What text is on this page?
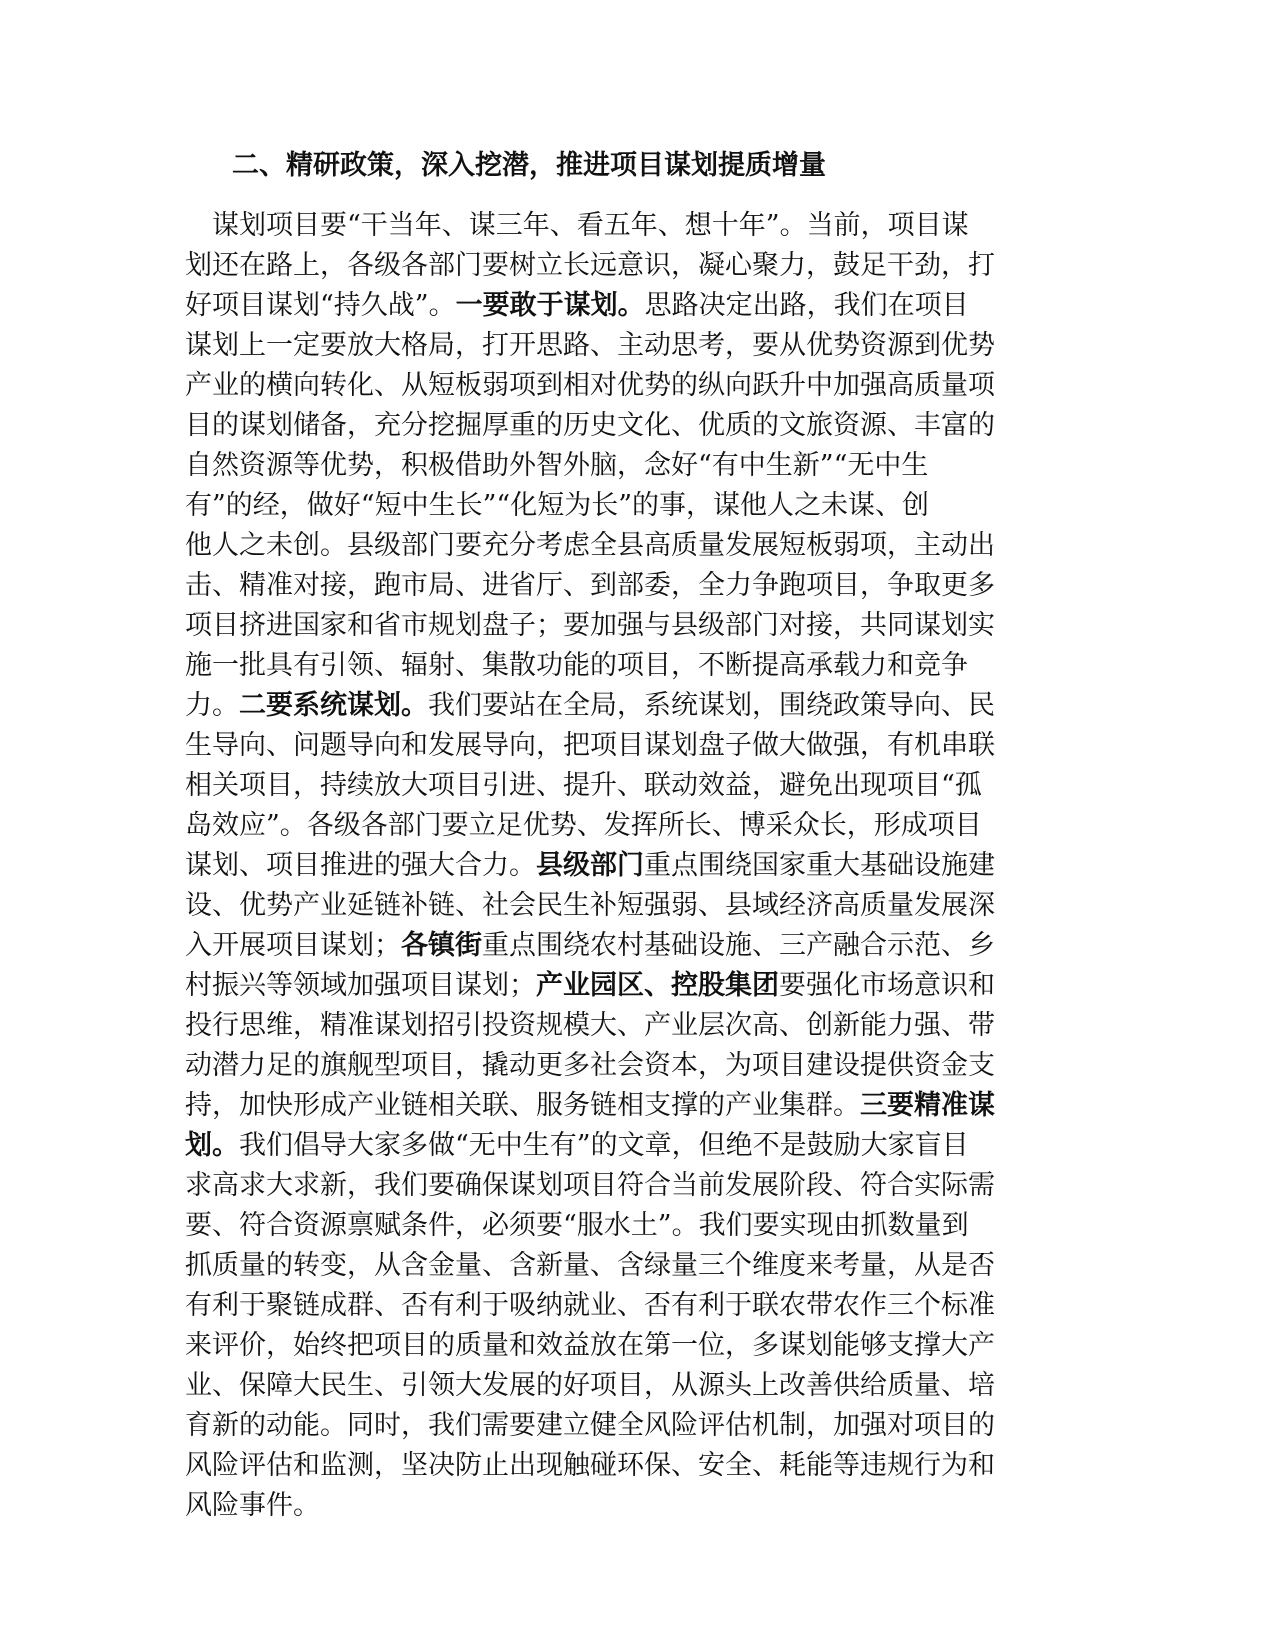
二、精研政策，深入挖潜，推进项目谋划提质增量
　谋划项目要“干当年、谋三年、看五年、想十年”。当前，项目谋
划还在路上，各级各部门要树立长远意识，凝心聚力，鼓足干劲，打
好项目谋划“持久战”。一要敢于谋划。思路决定出路，我们在项目
谋划上一定要放大格局，打开思路、主动思考，要从优势资源到优势
产业的横向转化、从短板弱项到相对优势的纵向跃升中加强高质量项
目的谋划储备，充分挖掘厚重的历史文化、优质的文旅资源、丰富的
自然资源等优势，积极借助外智外脑，念好“有中生新”“无中生
有”的经，做好“短中生长”“化短为长”的事，谋他人之未谋、创
他人之未创。县级部门要充分考虑全县高质量发展短板弱项，主动出
击、精准对接，跑市局、进省厅、到部委，全力争跑项目，争取更多
项目挤进国家和省市规划盘子；要加强与县级部门对接，共同谋划实
施一批具有引领、辐射、集散功能的项目，不断提高承载力和竞争
力。二要系统谋划。我们要站在全局，系统谋划，围绕政策导向、民
生导向、问题导向和发展导向，把项目谋划盘子做大做强，有机串联
相关项目，持续放大项目引进、提升、联动效益，避免出现项目“孤
岛效应”。各级各部门要立足优势、发挥所长、博采众长，形成项目
谋划、项目推进的强大合力。县级部门重点围绕国家重大基础设施建
设、优势产业延链补链、社会民生补短强弱、县域经济高质量发展深
入开展项目谋划；各镇街重点围绕农村基础设施、三产融合示范、乡
村振兴等领域加强项目谋划；产业园区、控股集团要强化市场意识和
投行思维，精准谋划招引投资规模大、产业层次高、创新能力强、带
动潜力足的旗舰型项目，撬动更多社会资本，为项目建设提供资金支
持，加快形成产业链相关联、服务链相支撑的产业集群。三要精准谋
划。我们倡导大家多做“无中生有”的文章，但绝不是鼓励大家盲目
求高求大求新，我们要确保谋划项目符合当前发展阶段、符合实际需
要、符合资源禀赋条件，必须要“服水土”。我们要实现由抓数量到
抓质量的转变，从含金量、含新量、含绿量三个维度来考量，从是否
有利于聚链成群、否有利于吸纳就业、否有利于联农带农作三个标准
来评价，始终把项目的质量和效益放在第一位，多谋划能够支撑大产
业、保障大民生、引领大发展的好项目，从源头上改善供给质量、培
育新的动能。同时，我们需要建立健全风险评估机制，加强对项目的
风险评估和监测，坚决防止出现触碰环保、安全、耗能等违规行为和
风险事件。
